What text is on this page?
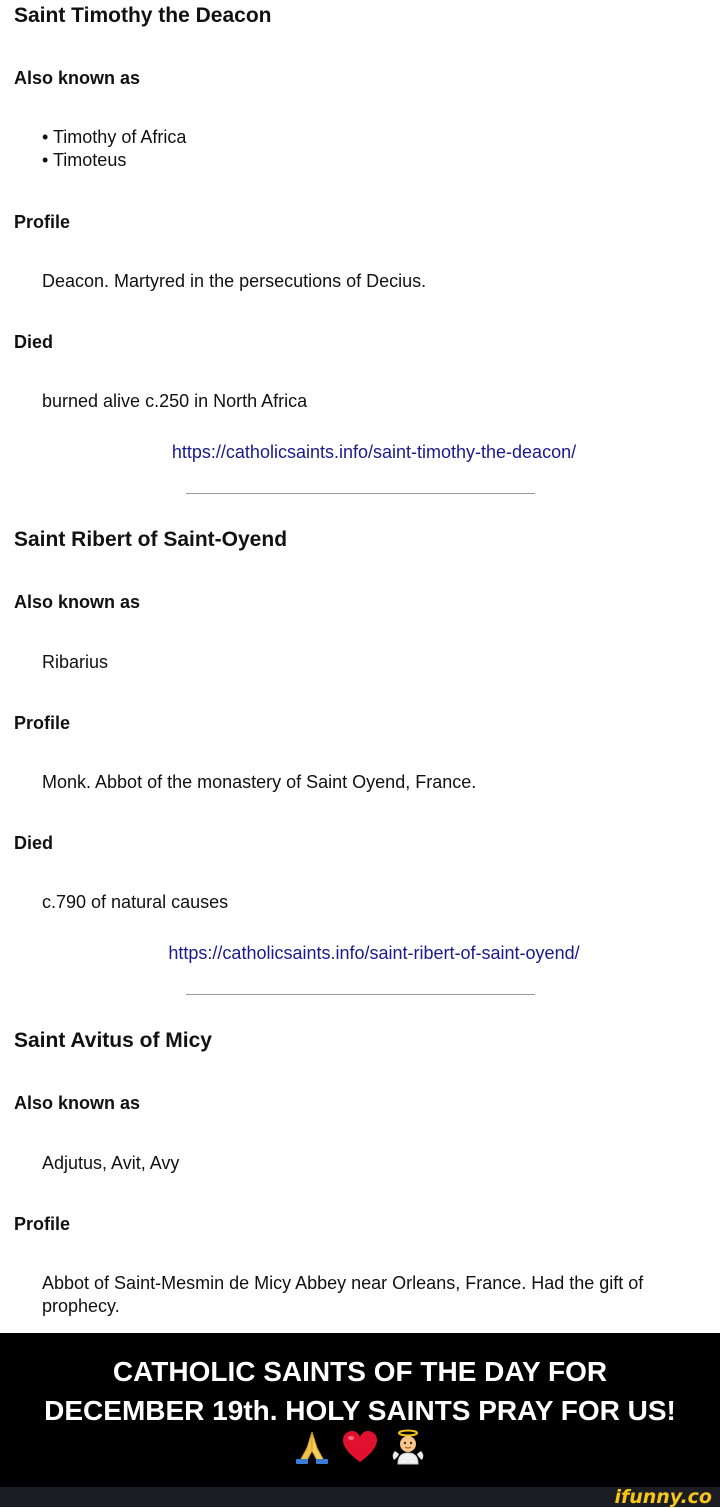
Saint Timothy the Deacon
Also known as
• Timothy of Africa
• Timoteus
Profile
Deacon. Martyred in the persecutions of Decius.
Died
burned alive c.250 in North Africa
https://catholicsaints.info/saint-timothy-the-deacon/
Saint Ribert of Saint-Oyend
Also known as
Ribarius
Profile
Monk. Abbot of the monastery of Saint Oyend, France.
Died
c.790 of natural causes
https://catholicsaints.info/saint-ribert-of-saint-oyend/
Saint Avitus of Micy
Also known as
Adjutus, Avit, Avy
Profile
Abbot of Saint-Mesmin de Micy Abbey near Orleans, France. Had the gift of prophecy.
CATHOLIC SAINTS OF THE DAY FOR
DECEMBER 19th. HOLY SAINTS PRAY FOR US!
ifunny.co
